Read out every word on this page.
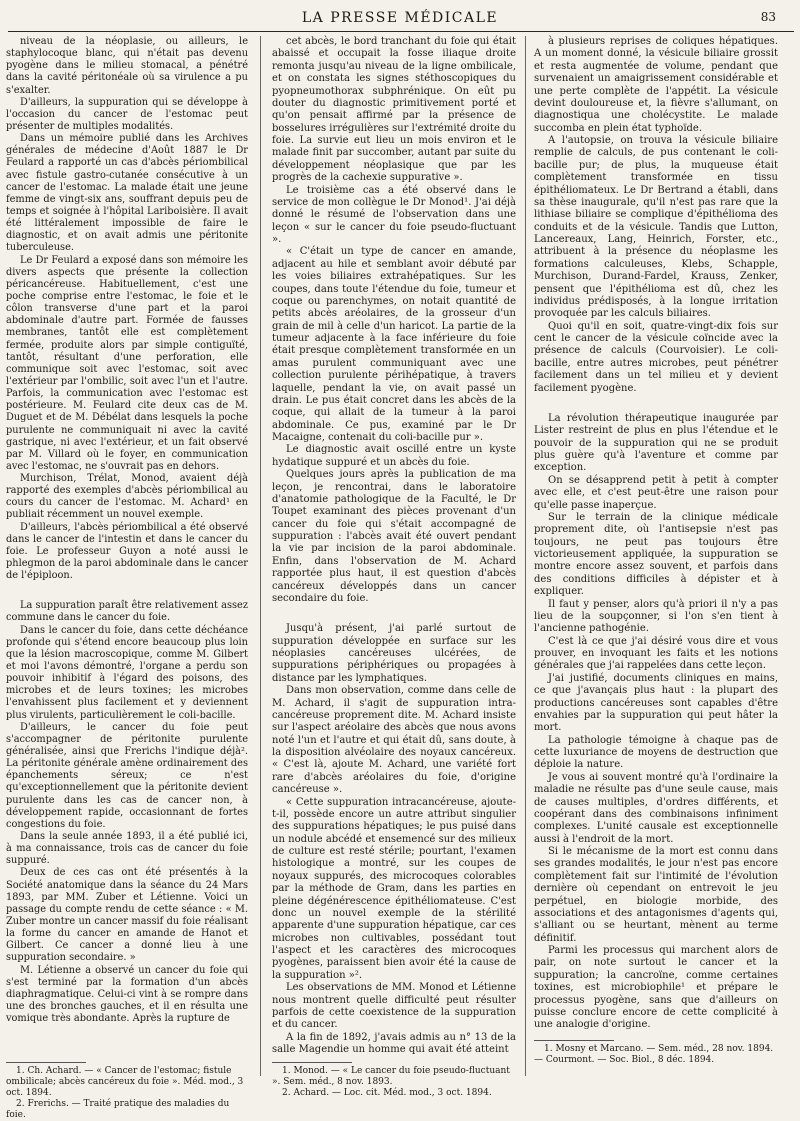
LA PRESSE MÉDICALE	83

niveau de la néoplasie, ou ailleurs, le staphylocoque blanc, qui n'était pas devenu pyogène dans le milieu stomacal, a pénétré dans la cavité péritonéale où sa virulence a pu s'exalter.

D'ailleurs, la suppuration qui se développe à l'occasion du cancer de l'estomac peut présenter de multiples modalités.

Dans un mémoire publié dans les Archives générales de médecine d'Août 1887 le Dr Feulard a rapporté un cas d'abcès périombilical avec fistule gastro-cutanée consécutive à un cancer de l'estomac. La malade était une jeune femme de vingt-six ans, souffrant depuis peu de temps et soignée à l'hôpital Lariboisière. Il avait été littéralement impossible de faire le diagnostic, et on avait admis une péritonite tuberculeuse.

Le Dr Feulard a exposé dans son mémoire les divers aspects que présente la collection péricancéreuse. Habituellement, c'est une poche comprise entre l'estomac, le foie et le côlon transverse d'une part et la paroi abdominale d'autre part. Formée de fausses membranes, tantôt elle est complètement fermée, produite alors par simple contiguïté, tantôt, résultant d'une perforation, elle communique soit avec l'estomac, soit avec l'extérieur par l'ombilic, soit avec l'un et l'autre. Parfois, la communication avec l'estomac est postérieure. M. Feulard cite deux cas de M. Duguet et de M. Débélat dans lesquels la poche purulente ne communiquait ni avec la cavité gastrique, ni avec l'extérieur, et un fait observé par M. Villard où le foyer, en communication avec l'estomac, ne s'ouvrait pas en dehors.

Murchison, Trélat, Monod, avaient déjà rapporté des exemples d'abcès périombilical au cours du cancer de l'estomac. M. Achard¹ en publiait récemment un nouvel exemple.

D'ailleurs, l'abcès périombilical a été observé dans le cancer de l'intestin et dans le cancer du foie. Le professeur Guyon a noté aussi le phlegmon de la paroi abdominale dans le cancer de l'épiploon.

La suppuration paraît être relativement assez commune dans le cancer du foie.

Dans le cancer du foie, dans cette déchéance profonde qui s'étend encore beaucoup plus loin que la lésion macroscopique, comme M. Gilbert et moi l'avons démontré, l'organe a perdu son pouvoir inhibitif à l'égard des poisons, des microbes et de leurs toxines; les microbes l'envahissent plus facilement et y deviennent plus virulents, particulièrement le coli-bacille.

D'ailleurs, le cancer du foie peut s'accompagner de péritonite purulente généralisée, ainsi que Frerichs l'indique déjà². La péritonite générale amène ordinairement des épanchements séreux; ce n'est qu'exceptionnellement que la péritonite devient purulente dans les cas de cancer non, à développement rapide, occasionnant de fortes congestions du foie.

Dans la seule année 1893, il a été publié ici, à ma connaissance, trois cas de cancer du foie suppuré.

Deux de ces cas ont été présentés à la Société anatomique dans la séance du 24 Mars 1893, par MM. Zuber et Létienne. Voici un passage du compte rendu de cette séance : « M. Zuber montre un cancer massif du foie réalisant la forme du cancer en amande de Hanot et Gilbert. Ce cancer a donné lieu à une suppuration secondaire. »

M. Létienne a observé un cancer du foie qui s'est terminé par la formation d'un abcès diaphragmatique. Celui-ci vint à se rompre dans une des bronches gauches, et il en résulta une vomique très abondante. Après la rupture de

cet abcès, le bord tranchant du foie qui était abaissé et occupait la fosse iliaque droite remonta jusqu'au niveau de la ligne ombilicale, et on constata les signes stéthoscopiques du pyopneumothorax subphrénique. On eût pu douter du diagnostic primitivement porté et qu'on pensait affirmé par la présence de bosselures irrégulières sur l'extrémité droite du foie. La survie eut lieu un mois environ et le malade finit par succomber, autant par suite du développement néoplasique que par les progrès de la cachexie suppurative ».

Le troisième cas a été observé dans le service de mon collègue le Dr Monod¹. J'ai déjà donné le résumé de l'observation dans une leçon « sur le cancer du foie pseudo-fluctuant ».

« C'était un type de cancer en amande, adjacent au hile et semblant avoir débuté par les voies biliaires extrahépatiques. Sur les coupes, dans toute l'étendue du foie, tumeur et coque ou parenchymes, on notait quantité de petits abcès aréolaires, de la grosseur d'un grain de mil à celle d'un haricot. La partie de la tumeur adjacente à la face inférieure du foie était presque complètement transformée en un amas purulent communiquant avec une collection purulente périhépatique, à travers laquelle, pendant la vie, on avait passé un drain. Le pus était concret dans les abcès de la coque, qui allait de la tumeur à la paroi abdominale. Ce pus, examiné par le Dr Macaigne, contenait du coli-bacille pur ».

Le diagnostic avait oscillé entre un kyste hydatique suppuré et un abcès du foie.

Quelques jours après la publication de ma leçon, je rencontrai, dans le laboratoire d'anatomie pathologique de la Faculté, le Dr Toupet examinant des pièces provenant d'un cancer du foie qui s'était accompagné de suppuration : l'abcès avait été ouvert pendant la vie par incision de la paroi abdominale. Enfin, dans l'observation de M. Achard rapportée plus haut, il est question d'abcès cancéreux développés dans un cancer secondaire du foie.

Jusqu'à présent, j'ai parlé surtout de suppuration développée en surface sur les néoplasies cancéreuses ulcérées, de suppurations périphériques ou propagées à distance par les lymphatiques.

Dans mon observation, comme dans celle de M. Achard, il s'agit de suppuration intra-cancéreuse proprement dite. M. Achard insiste sur l'aspect aréolaire des abcès que nous avons noté l'un et l'autre et qui était dû, sans doute, à la disposition alvéolaire des noyaux cancéreux. « C'est là, ajoute M. Achard, une variété fort rare d'abcès aréolaires du foie, d'origine cancéreuse ».

« Cette suppuration intracancéreuse, ajoute-t-il, possède encore un autre attribut singulier des suppurations hépatiques; le pus puisé dans un nodule abcédé et ensemencé sur des milieux de culture est resté stérile; pourtant, l'examen histologique a montré, sur les coupes de noyaux suppurés, des microcoques colorables par la méthode de Gram, dans les parties en pleine dégénérescence épithéliomateuse. C'est donc un nouvel exemple de la stérilité apparente d'une suppuration hépatique, car ces microbes non cultivables, possédant tout l'aspect et les caractères des microcoques pyogènes, paraissent bien avoir été la cause de la suppuration »².

Les observations de MM. Monod et Létienne nous montrent quelle difficulté peut résulter parfois de cette coexistence de la suppuration et du cancer.

A la fin de 1892, j'avais admis au n° 13 de la salle Magendie un homme qui avait été atteint

à plusieurs reprises de coliques hépatiques. A un moment donné, la vésicule biliaire grossit et resta augmentée de volume, pendant que survenaient un amaigrissement considérable et une perte complète de l'appétit. La vésicule devint douloureuse et, la fièvre s'allumant, on diagnostiqua une cholécystite. Le malade succomba en plein état typhoïde.

A l'autopsie, on trouva la vésicule biliaire remplie de calculs, de pus contenant le coli-bacille pur; de plus, la muqueuse était complètement transformée en tissu épithéliomateux. Le Dr Bertrand a établi, dans sa thèse inaugurale, qu'il n'est pas rare que la lithiase biliaire se complique d'épithélioma des conduits et de la vésicule. Tandis que Lutton, Lancereaux, Lang, Heinrich, Forster, etc., attribuent à la présence du néoplasme les formations calculeuses, Klebs, Schapple, Murchison, Durand-Fardel, Krauss, Zenker, pensent que l'épithélioma est dû, chez les individus prédisposés, à la longue irritation provoquée par les calculs biliaires.

Quoi qu'il en soit, quatre-vingt-dix fois sur cent le cancer de la vésicule coïncide avec la présence de calculs (Courvoisier). Le coli-bacille, entre autres microbes, peut pénétrer facilement dans un tel milieu et y devient facilement pyogène.

La révolution thérapeutique inaugurée par Lister restreint de plus en plus l'étendue et le pouvoir de la suppuration qui ne se produit plus guère qu'à l'aventure et comme par exception.

On se désapprend petit à petit à compter avec elle, et c'est peut-être une raison pour qu'elle passe inaperçue.

Sur le terrain de la clinique médicale proprement dite, où l'antisepsie n'est pas toujours, ne peut pas toujours être victorieusement appliquée, la suppuration se montre encore assez souvent, et parfois dans des conditions difficiles à dépister et à expliquer.

Il faut y penser, alors qu'à priori il n'y a pas lieu de la soupçonner, si l'on s'en tient à l'ancienne pathogénie.

C'est là ce que j'ai désiré vous dire et vous prouver, en invoquant les faits et les notions générales que j'ai rappelées dans cette leçon.

J'ai justifié, documents cliniques en mains, ce que j'avançais plus haut : la plupart des productions cancéreuses sont capables d'être envahies par la suppuration qui peut hâter la mort.

La pathologie témoigne à chaque pas de cette luxuriance de moyens de destruction que déploie la nature.

Je vous ai souvent montré qu'à l'ordinaire la maladie ne résulte pas d'une seule cause, mais de causes multiples, d'ordres différents, et coopérant dans des combinaisons infiniment complexes. L'unité causale est exceptionnelle aussi à l'endroit de la mort.

Si le mécanisme de la mort est connu dans ses grandes modalités, le jour n'est pas encore complètement fait sur l'intimité de l'évolution dernière où cependant on entrevoit le jeu perpétuel, en biologie morbide, des associations et des antagonismes d'agents qui, s'alliant ou se heurtant, mènent au terme définitif.

Parmi les processus qui marchent alors de pair, on note surtout le cancer et la suppuration; la cancroïne, comme certaines toxines, est microbiophile¹ et prépare le processus pyogène, sans que d'ailleurs on puisse conclure encore de cette complicité à une analogie d'origine.

1. Ch. Achard. — « Cancer de l'estomac; fistule ombilicale; abcès cancéreux du foie ». Méd. mod., 3 oct. 1894.

2. Frerichs. — Traité pratique des maladies du foie.

1. Monod. — « Le cancer du foie pseudo-fluctuant ». Sem. méd., 8 nov. 1893.

2. Achard. — Loc. cit. Méd. mod., 3 oct. 1894.

1. Mosny et Marcano. — Sem. méd., 28 nov. 1894. — Courmont. — Soc. Biol., 8 déc. 1894.
